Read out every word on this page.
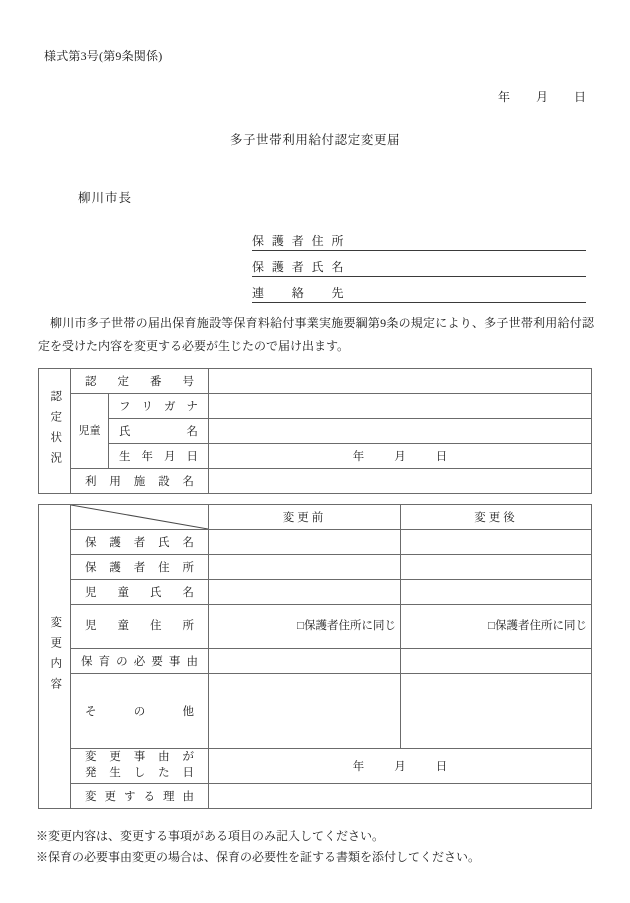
様式第3号(第9条関係)
年 月 日
多子世帯利用給付認定変更届
柳川市長
保 護 者 住 所
保 護 者 氏 名
連 絡 先
柳川市多子世帯の届出保育施設等保育料給付事業実施要綱第9条の規定により、多子世帯利用給付認定を受けた内容を変更する必要が生じたので届け出ます。
認定状況	認 定 番 号		

	児童	フ リ ガ ナ	

		氏 名	

		生 年 月 日	年 月 日

	利 用 施 設 名		

変更内容		変更前	変更後

	保 護 者 氏 名		

	保 護 者 住 所		

	児 童 氏 名		

	児 童 住 所	□保護者住所に同じ	□保護者住所に同じ

保 育 の 必 要 事 由

	そ の 他		

変 更 事 由 が
発 生 し た 日	年	月	日

変 更 す る 理 由

※変更内容は、変更する事項がある項目のみ記入してください。
※保育の必要事由変更の場合は、保育の必要性を証する書類を添付してください。
